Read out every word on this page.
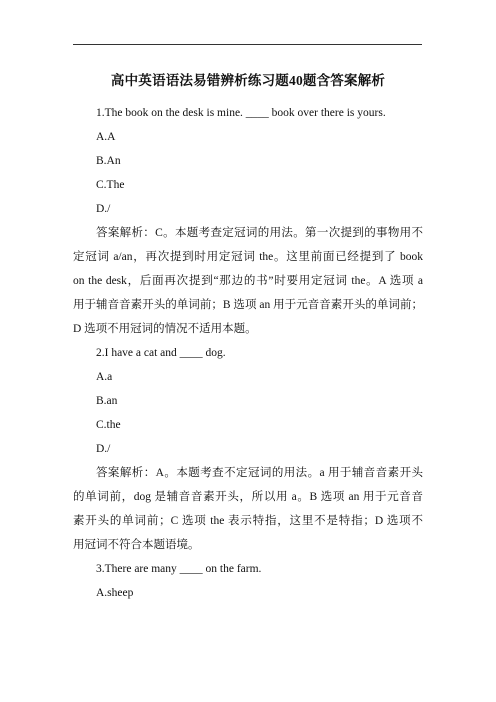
高中英语语法易错辨析练习题40题含答案解析
1.The book on the desk is mine. ____ book over there is yours.
A.A
B.An
C.The
D./
答案解析：C。本题考查定冠词的用法。第一次提到的事物用不
定冠词 a/an，再次提到时用定冠词 the。这里前面已经提到了 book
on the desk，后面再次提到“那边的书”时要用定冠词 the。A 选项 a
用于辅音音素开头的单词前；B 选项 an 用于元音音素开头的单词前；
D 选项不用冠词的情况不适用本题。
2.I have a cat and ____ dog.
A.a
B.an
C.the
D./
答案解析：A。本题考查不定冠词的用法。a 用于辅音音素开头
的单词前，dog 是辅音音素开头，所以用 a。B 选项 an 用于元音音
素开头的单词前；C 选项 the 表示特指，这里不是特指；D 选项不
用冠词不符合本题语境。
3.There are many ____ on the farm.
A.sheep
